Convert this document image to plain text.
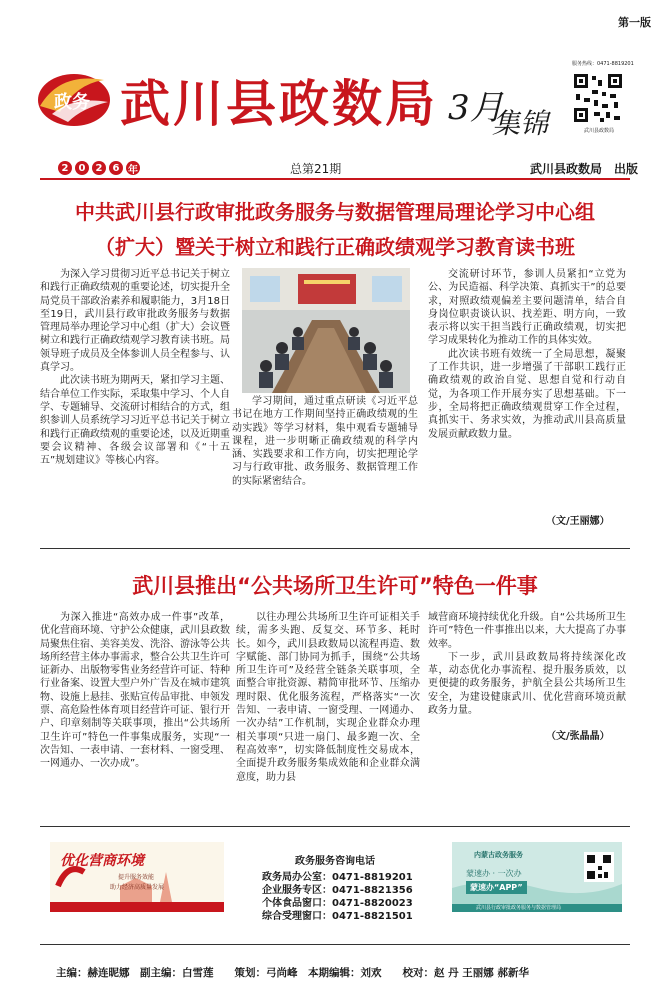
第一版
政务 武川县政数局 3月
集锦
服务热线：0471-8819201
武川县政数局
2	0	2	6 年	总第21期	武川县政数局　出版
中共武川县行政审批政务服务与数据管理局理论学习中心组
（扩大）暨关于树立和践行正确政绩观学习教育读书班

为深入学习贯彻习近平总书记关于树立和践行正确政绩观的重要论述，切实提升全局党员干部政治素养和履职能力，3月18日至19日，武川县行政审批政务服务与数据管理局举办理论学习中心组（扩大）会议暨树立和践行正确政绩观学习教育读书班。局领导班子成员及全体参训人员全程参与、认真学习。

此次读书班为期两天，紧扣学习主题、结合单位工作实际，采取集中学习、个人自学、专题辅导、交流研讨相结合的方式，组织参训人员系统学习习近平总书记关于树立和践行正确政绩观的重要论述，以及近期重要会议精神、各级会议部署和《“十五五”规划建议》等核心内容。

学习期间，通过重点研读《习近平总书记在地方工作期间坚持正确政绩观的生动实践》等学习材料，集中观看专题辅导课程，进一步明晰正确政绩观的科学内涵、实践要求和工作方向，切实把理论学习与行政审批、政务服务、数据管理工作的实际紧密结合。

交流研讨环节，参训人员紧扣“立党为公、为民造福、科学决策、真抓实干”的总要求，对照政绩观偏差主要问题清单，结合自身岗位职责谈认识、找差距、明方向，一致表示将以实干担当践行正确政绩观，切实把学习成果转化为推动工作的具体实效。

此次读书班有效统一了全局思想，凝聚了工作共识，进一步增强了干部职工践行正确政绩观的政治自觉、思想自觉和行动自觉，为各项工作开展夯实了思想基础。下一步，全局将把正确政绩观贯穿工作全过程，真抓实干、务求实效，为推动武川县高质量发展贡献政数力量。

（文/王丽娜）
武川县推出“公共场所卫生许可”特色一件事

为深入推进“高效办成一件事”改革，优化营商环境、守护公众健康，武川县政数局聚焦住宿、美容美发、洗浴、游泳等公共场所经营主体办事需求，整合公共卫生许可证新办、出版物零售业务经营许可证、特种行业备案、设置大型户外广告及在城市建筑物、设施上悬挂、张贴宣传品审批、申领发票、高危险性体育项目经营许可证、银行开户、印章刻制等关联事项，推出“公共场所卫生许可”特色一件事集成服务，实现“一次告知、一表申请、一套材料、一窗受理、一网通办、一次办成”。

以往办理公共场所卫生许可证相关手续，需多头跑、反复交、环节多、耗时长。如今，武川县政数局以流程再造、数字赋能、部门协同为抓手，围绕“公共场所卫生许可”及经营全链条关联事项，全面整合审批资源、精简审批环节、压缩办理时限、优化服务流程，严格落实“一次告知、一表申请、一窗受理、一网通办、一次办结”工作机制，实现企业群众办理相关事项“只进一扇门、最多跑一次、全程高效率”，切实降低制度性交易成本，全面提升政务服务集成效能和企业群众满意度，助力县

域营商环境持续优化升级。自“公共场所卫生许可”特色一件事推出以来，大大提高了办事效率。

下一步，武川县政数局将持续深化改革，动态优化办事流程、提升服务质效，以更便捷的政务服务，护航全县公共场所卫生安全，为建设健康武川、优化营商环境贡献政务力量。

（文/张晶晶）
优化营商环境
提升服务效能
助力经济高质量发展
政务服务咨询电话
政务局办公室：0471-8819201
企业服务专区：0471-8821356
个体食品窗口：0471-8820023
综合受理窗口：0471-8821501
内蒙古政务服务
蒙速办 · 一次办
蒙速办“APP”
武川县行政审批政务服务与数据管理局
主编：赫连昵娜　副主编：白雪莲　　策划：弓尚峰　本期编辑：刘欢　　校对：赵 丹 王丽娜 郝新华
